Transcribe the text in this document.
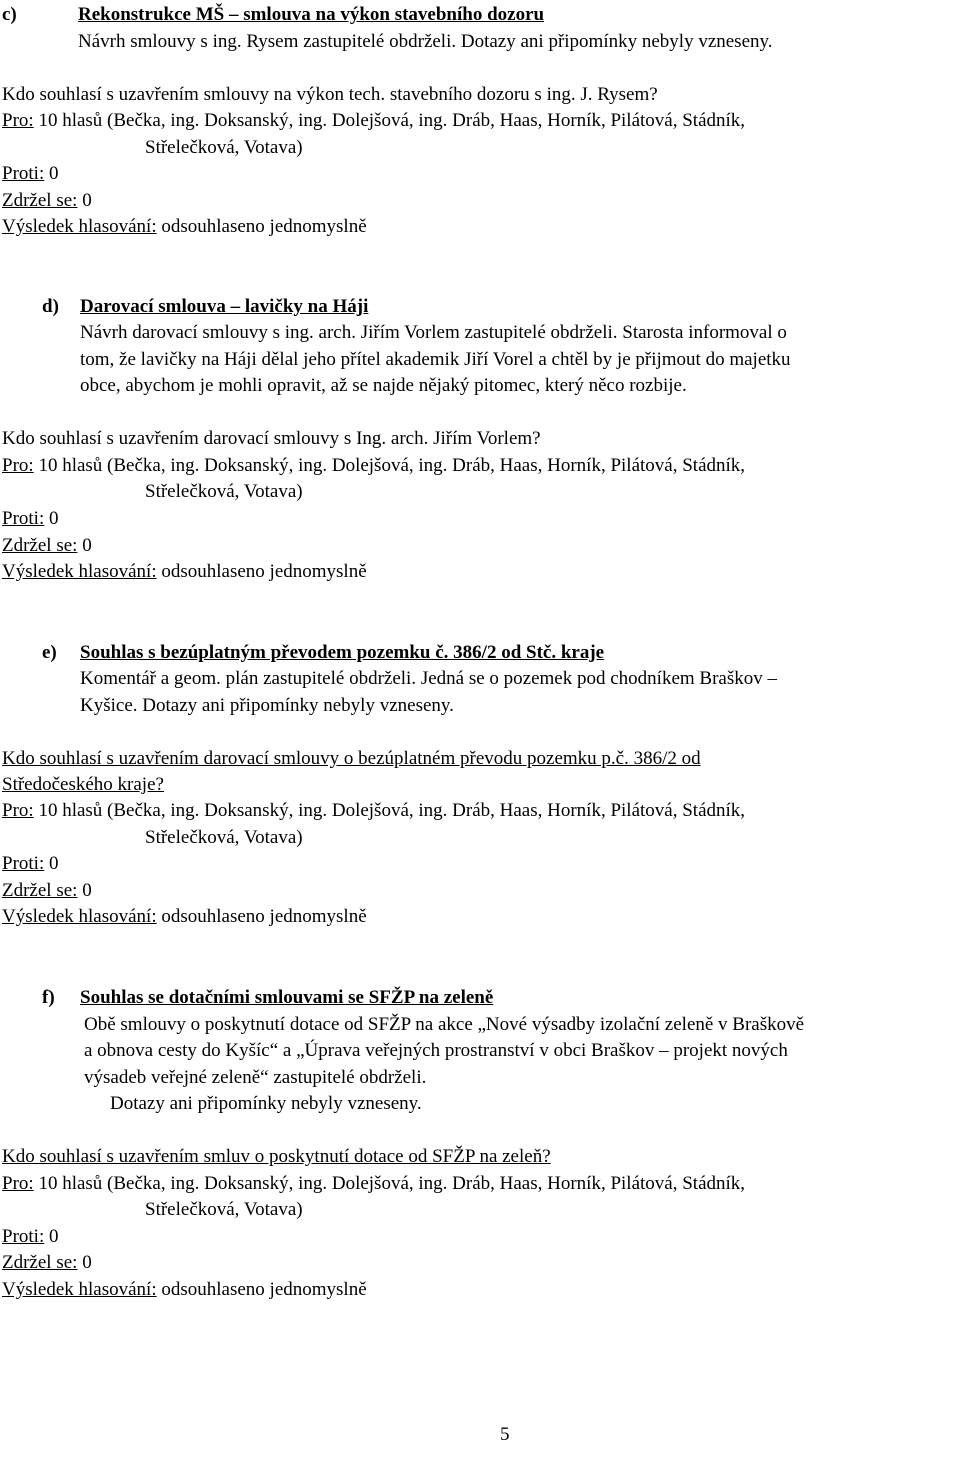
c)	Rekonstrukce MŠ – smlouva na výkon stavebního dozoru
Návrh smlouvy s ing. Rysem zastupitelé obdrželi. Dotazy ani připomínky nebyly vzneseny.
Kdo souhlasí s uzavřením smlouvy na výkon tech. stavebního dozoru s ing. J. Rysem?
Pro: 10 hlasů (Bečka, ing. Doksanský, ing. Dolejšová, ing. Dráb, Haas, Horník, Pilátová, Stádník,
Střelečková, Votava)
Proti: 0
Zdržel se: 0
Výsledek hlasování: odsouhlaseno jednomyslně
d) Darovací smlouva – lavičky na Háji
Návrh darovací smlouvy s ing. arch. Jiřím Vorlem zastupitelé obdrželi. Starosta informoval o
tom, že lavičky na Háji dělal jeho přítel akademik Jiří Vorel a chtěl by je přijmout do majetku
obce, abychom je mohli opravit, až se najde nějaký pitomec, který něco rozbije.
Kdo souhlasí s uzavřením darovací smlouvy s Ing. arch. Jiřím Vorlem?
Pro: 10 hlasů (Bečka, ing. Doksanský, ing. Dolejšová, ing. Dráb, Haas, Horník, Pilátová, Stádník,
Střelečková, Votava)
Proti: 0
Zdržel se: 0
Výsledek hlasování: odsouhlaseno jednomyslně
e) Souhlas s bezúplatným převodem pozemku č. 386/2 od Stč. kraje
Komentář a geom. plán zastupitelé obdrželi. Jedná se o pozemek pod chodníkem Braškov –
Kyšice. Dotazy ani připomínky nebyly vzneseny.
Kdo souhlasí s uzavřením darovací smlouvy o bezúplatném převodu pozemku p.č. 386/2 od
Středočeského kraje?
Pro: 10 hlasů (Bečka, ing. Doksanský, ing. Dolejšová, ing. Dráb, Haas, Horník, Pilátová, Stádník,
Střelečková, Votava)
Proti: 0
Zdržel se: 0
Výsledek hlasování: odsouhlaseno jednomyslně
f) Souhlas se dotačními smlouvami se SFŽP na zeleně
Obě smlouvy o poskytnutí dotace od SFŽP na akce „Nové výsadby izolační zeleně v Braškově
a obnova cesty do Kyšíc“ a „Úprava veřejných prostranství v obci Braškov – projekt nových
výsadeb veřejné zeleně“ zastupitelé obdrželi.
Dotazy ani připomínky nebyly vzneseny.
Kdo souhlasí s uzavřením smluv o poskytnutí dotace od SFŽP na zeleň?
Pro: 10 hlasů (Bečka, ing. Doksanský, ing. Dolejšová, ing. Dráb, Haas, Horník, Pilátová, Stádník,
Střelečková, Votava)
Proti: 0
Zdržel se: 0
Výsledek hlasování: odsouhlaseno jednomyslně
5
